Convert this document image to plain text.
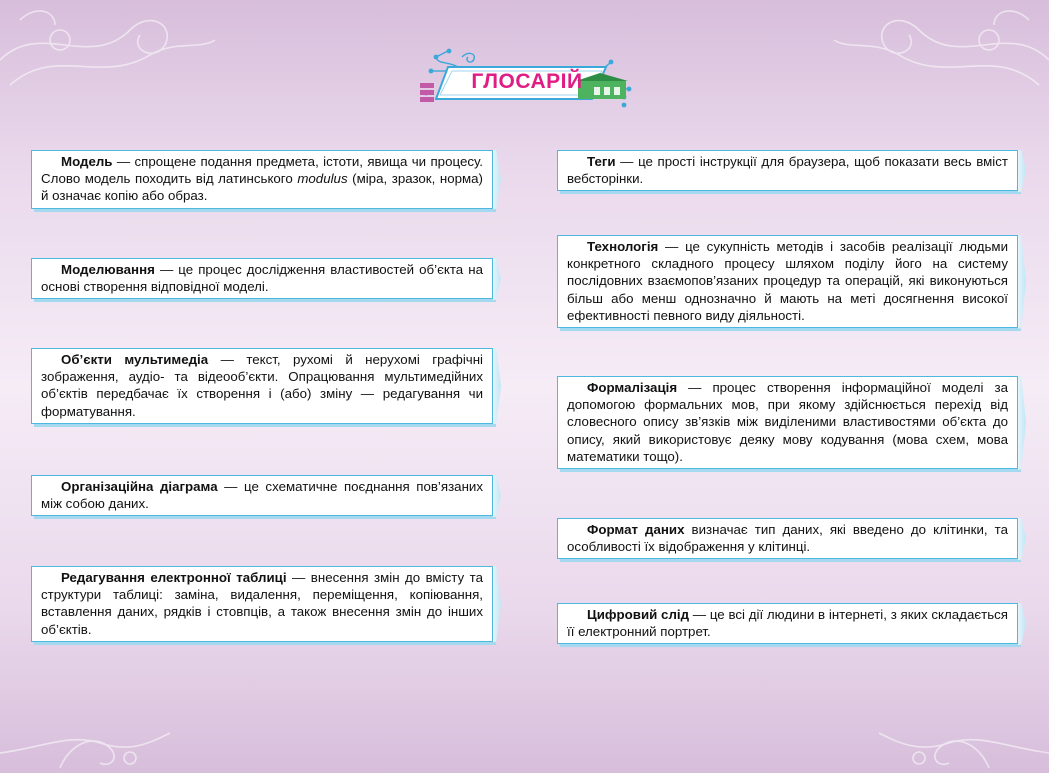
ГЛОСАРІЙ
Модель — спрощене подання предмета, істоти, явища чи процесу. Слово модель походить від латинського modulus (міра, зразок, норма) й означає копію або образ.
Моделювання — це процес дослідження властивостей об’єкта на основі створення відповідної моделі.
Об’єкти мультимедіа — текст, рухомі й нерухомі графічні зображення, аудіо- та відеооб’єкти. Опрацювання мультимедійних об’єктів передбачає їх створення і (або) зміну — редагування чи форматування.
Організаційна діаграма — це схематичне поєднання пов’язаних між собою даних.
Редагування електронної таблиці — внесення змін до вмісту та структури таблиці: заміна, видалення, переміщення, копіювання, вставлення даних, рядків і стовпців, а також внесення змін до інших об’єктів.
Теги — це прості інструкції для браузера, щоб показати весь вміст вебсторінки.
Технологія — це сукупність методів і засобів реалізації людьми конкретного складного процесу шляхом поділу його на систему послідовних взаємопов’язаних процедур та операцій, які виконуються більш або менш однозначно й мають на меті досягнення високої ефективності певного виду діяльності.
Формалізація — процес створення інформаційної моделі за допомогою формальних мов, при якому здійснюється перехід від словесного опису зв’язків між виділеними властивостями об’єкта до опису, який використовує деяку мову кодування (мова схем, мова математики тощо).
Формат даних визначає тип даних, які введено до клітинки, та особливості їх відображення у клітинці.
Цифровий слід — це всі дії людини в інтернеті, з яких складається її електронний портрет.
